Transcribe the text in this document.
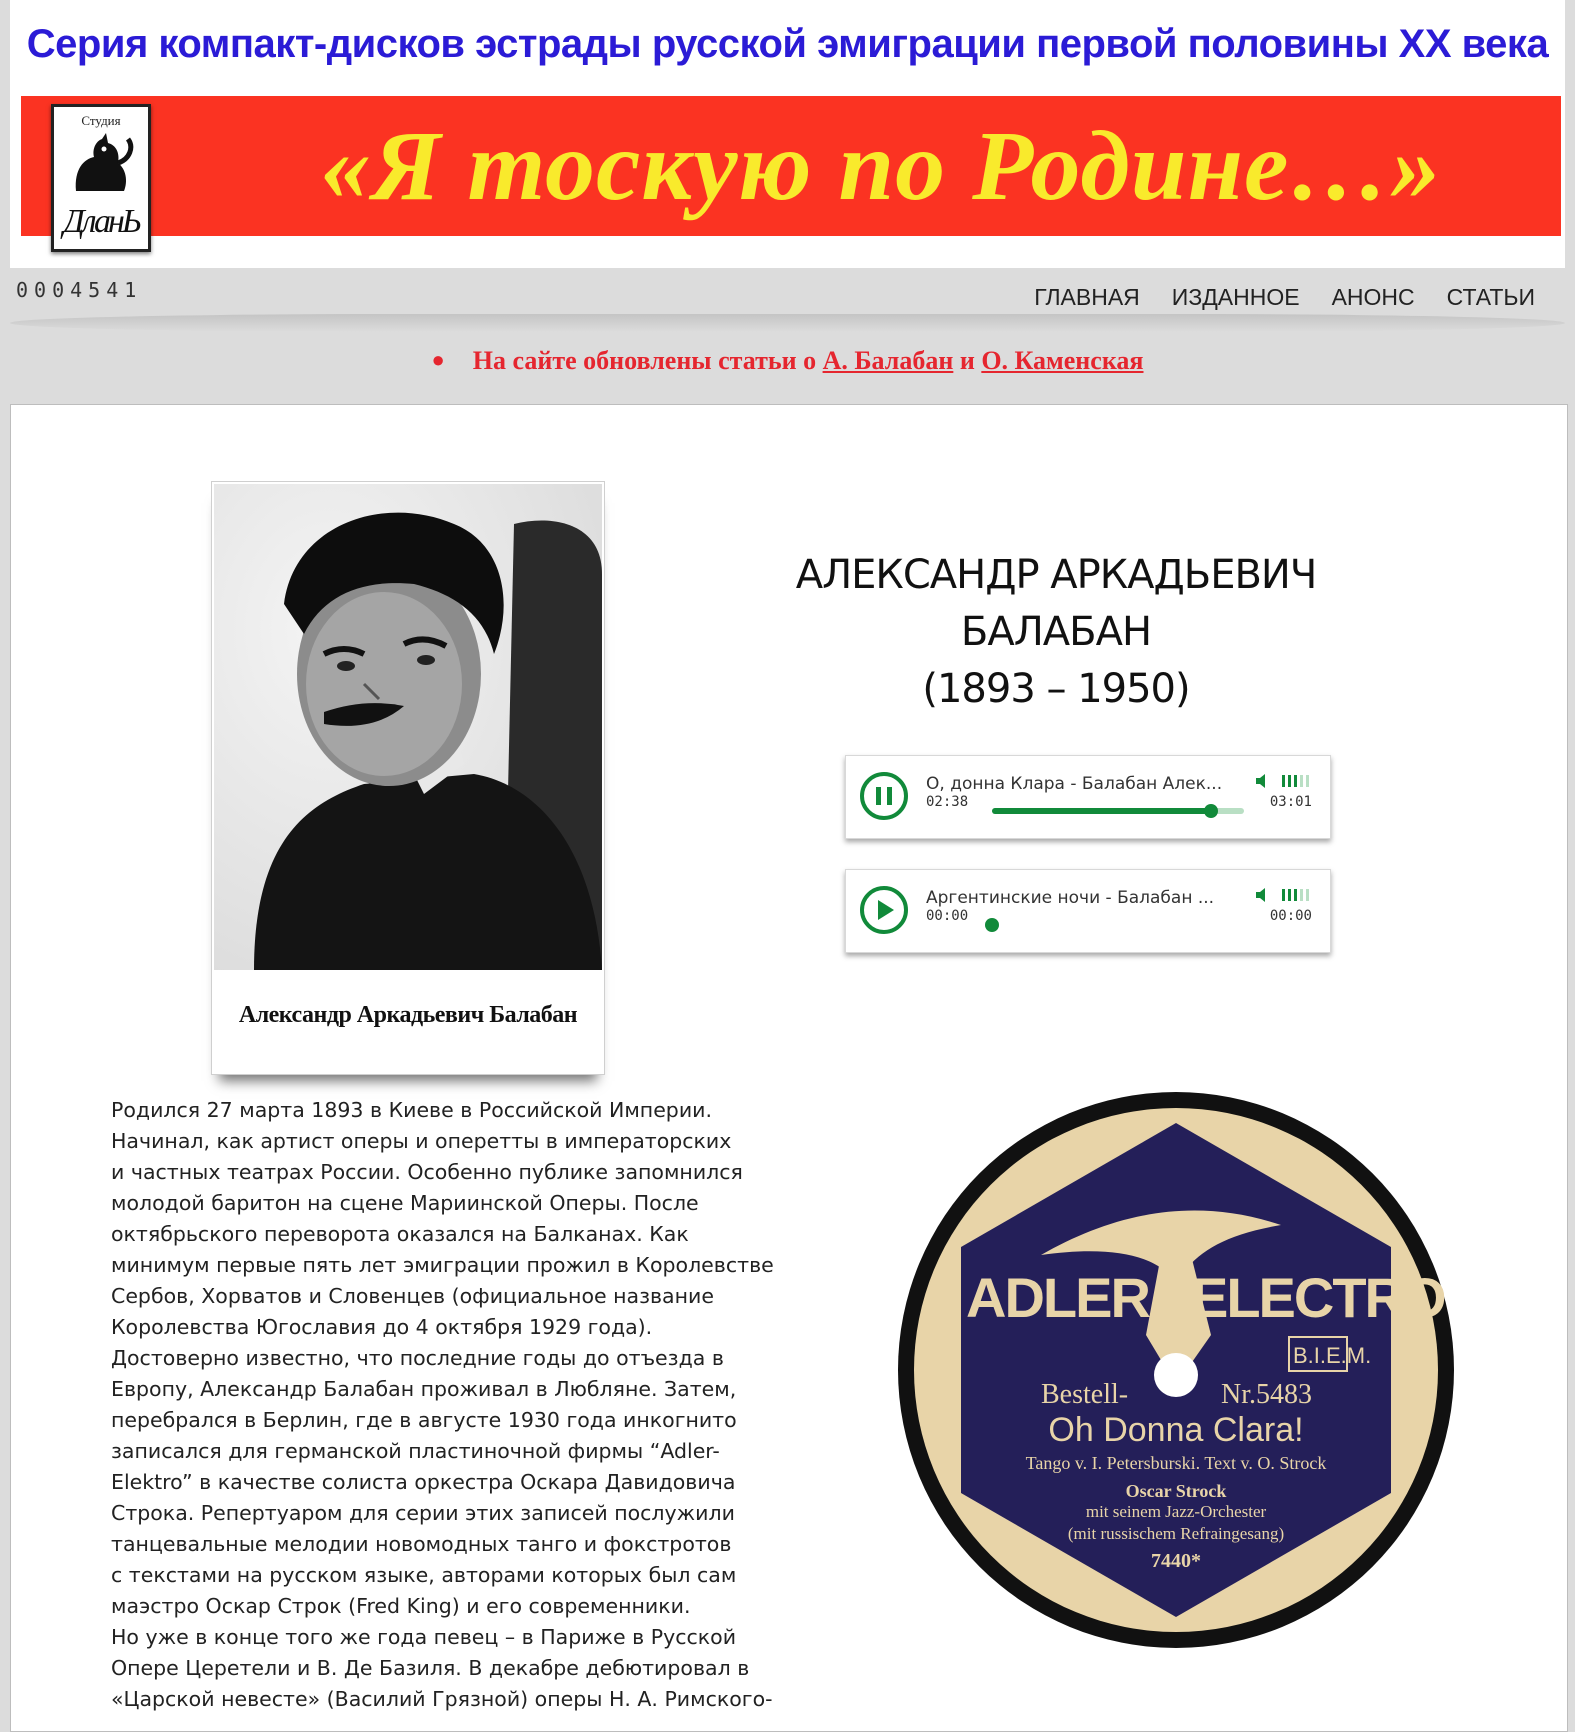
Серия компакт-дисков эстрады русской эмиграции первой половины XX века
Студия
ДланЬ
«Я тоскую по Родине…»
0004541	ГЛАВНАЯ ИЗДАННОЕ АНОНС СТАТЬИ
● На сайте обновлены статьи о А. Балабан и О. Каменская
Александр Аркадьевич Балабан
АЛЕКСАНДР АРКАДЬЕВИЧ
БАЛАБАН
(1893 – 1950)
O, донна Клара - Балабан Алек...
02:38	03:01
Аргентинские ночи - Балабан ...
00:00	00:00

Родился 27 марта 1893 в Киеве в Российской Империи.

Начинал, как артист оперы и оперетты в императорских

и частных театрах России. Особенно публике запомнился

молодой баритон на сцене Мариинской Оперы. После

октябрьского переворота оказался на Балканах. Как

минимум первые пять лет эмиграции прожил в Королевстве

Сербов, Хорватов и Словенцев (официальное название

Королевства Югославия до 4 октября 1929 года).

Достоверно известно, что последние годы до отъезда в

Европу, Александр Балабан проживал в Любляне. Затем,

перебрался в Берлин, где в августе 1930 года инкогнито

записался для германской пластиночной фирмы “Adler-

Elektro” в качестве солиста оркестра Оскара Давидовича

Строка. Репертуаром для серии этих записей послужили

танцевальные мелодии новомодных танго и фокстротов

с текстами на русском языке, авторами которых был сам

маэстро Оскар Строк (Fred King) и его современники.

Но уже в конце того же года певец – в Париже в Русской

Опере Церетели и В. Де Базиля. В декабре дебютировал в

«Царской невесте» (Василий Грязной) оперы Н. А. Римского-

ADLER ELECTRO
B.I.E.M.
Bestell-	Nr.5483
Oh Donna Clara!
Tango v. I. Petersburski. Text v. O. Strock
Oscar Strock
mit seinem Jazz-Orchester
(mit russischem Refraingesang)
7440*
